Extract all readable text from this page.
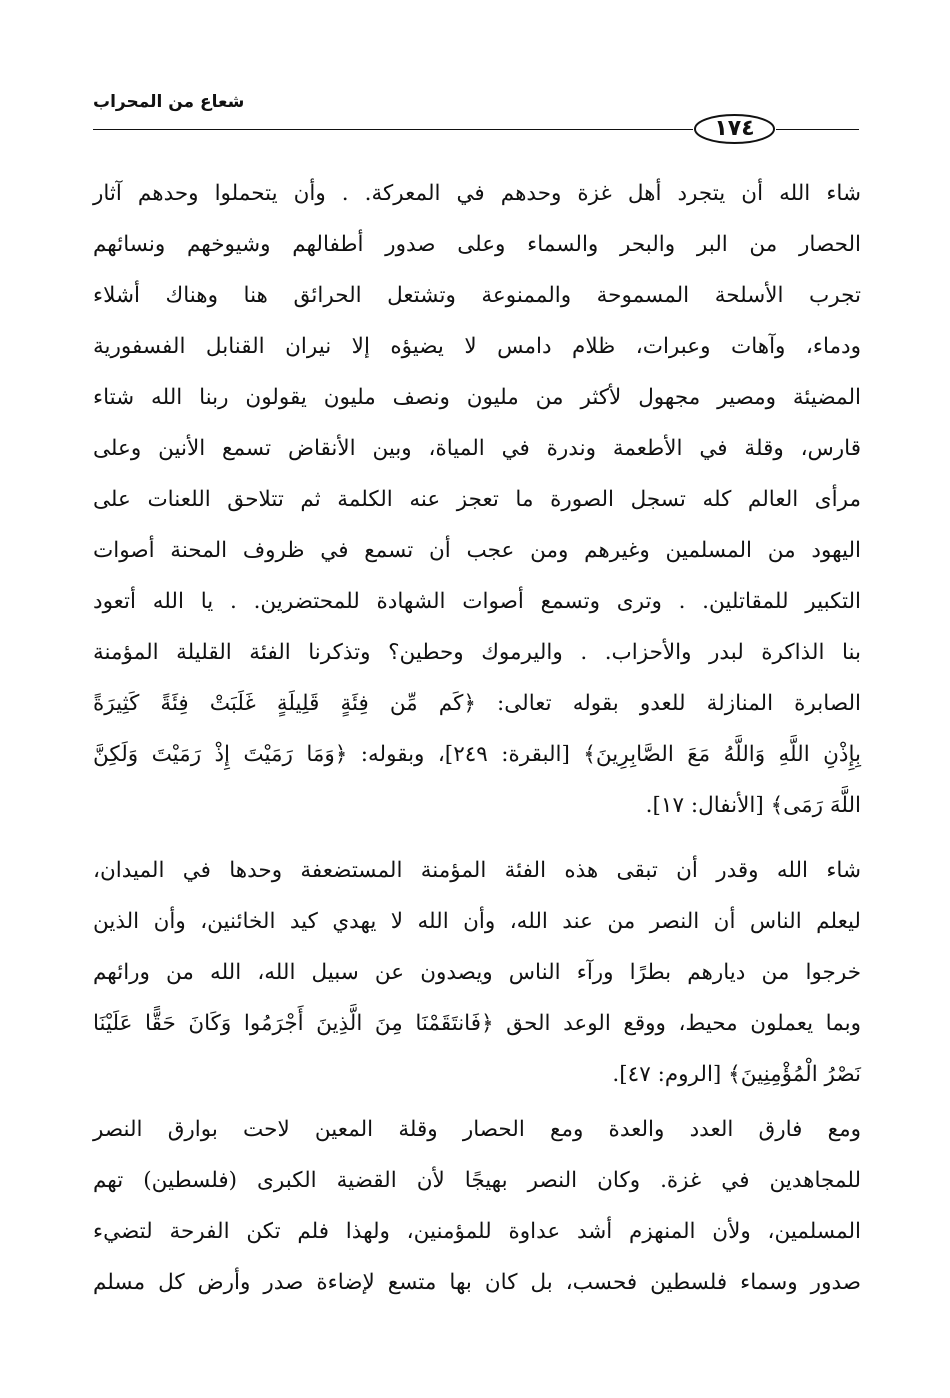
شعاع من المحراب
١٧٤
شاء الله أن يتجرد أهل غزة وحدهم في المعركة. . وأن يتحملوا وحدهم آثار
الحصار من البر والبحر والسماء وعلى صدور أطفالهم وشيوخهم ونسائهم
تجرب الأسلحة المسموحة والممنوعة وتشتعل الحرائق هنا وهناك أشلاء
ودماء، وآهات وعبرات، ظلام دامس لا يضيؤه إلا نيران القنابل الفسفورية
المضيئة ومصير مجهول لأكثر من مليون ونصف مليون يقولون ربنا الله شتاء
قارس، وقلة في الأطعمة وندرة في المياة، وبين الأنقاض تسمع الأنين وعلى
مرأى العالم كله تسجل الصورة ما تعجز عنه الكلمة ثم تتلاحق اللعنات على
اليهود من المسلمين وغيرهم ومن عجب أن تسمع في ظروف المحنة أصوات
التكبير للمقاتلين. . وترى وتسمع أصوات الشهادة للمحتضرين. . يا الله أتعود
بنا الذاكرة لبدر والأحزاب. . واليرموك وحطين؟ وتذكرنا الفئة القليلة المؤمنة
الصابرة المنازلة للعدو بقوله تعالى: ﴿كَم مِّن فِئَةٍ قَلِيلَةٍ غَلَبَتْ فِئَةً كَثِيرَةً
بِإِذْنِ اللَّهِ وَاللَّهُ مَعَ الصَّابِرِينَ﴾ [البقرة: ٢٤٩]، وبقوله: ﴿وَمَا رَمَيْتَ إِذْ رَمَيْتَ وَلَكِنَّ
اللَّهَ رَمَى﴾ [الأنفال: ١٧].
شاء الله وقدر أن تبقى هذه الفئة المؤمنة المستضعفة وحدها في الميدان،
ليعلم الناس أن النصر من عند الله، وأن الله لا يهدي كيد الخائنين، وأن الذين
خرجوا من ديارهم بطرًا ورآء الناس ويصدون عن سبيل الله، الله من ورائهم
وبما يعملون محيط، ووقع الوعد الحق ﴿فَانتَقَمْنَا مِنَ الَّذِينَ أَجْرَمُوا وَكَانَ حَقًّا عَلَيْنَا
نَصْرُ الْمُؤْمِنِينَ﴾ [الروم: ٤٧].
ومع فارق العدد والعدة ومع الحصار وقلة المعين لاحت بوارق النصر
للمجاهدين في غزة. وكان النصر بهيجًا لأن القضية الكبرى (فلسطين) تهم
المسلمين، ولأن المنهزم أشد عداوة للمؤمنين، ولهذا فلم تكن الفرحة لتضيء
صدور وسماء فلسطين فحسب، بل كان بها متسع لإضاءة صدر وأرض كل مسلم
